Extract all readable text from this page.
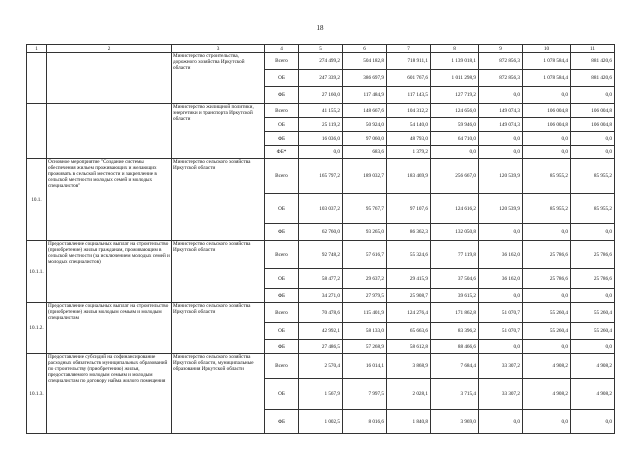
18
1	2	3	4	5	6	7	8	9	10	11
		Министерство строительства, дорожного хозяйства Иркутской области	Всего	274 499,2	504 182,8	718 911,1	1 139 018,1	872 856,3	1 078 584,4	881 420,6
			ОБ	247 339,2	386 697,9	601 767,6	1 011 298,9	872 856,3	1 078 584,4	881 420,6
			ФБ	27 160,0	117 484,9	117 143,5	127 719,2	0,0	0,0	0,0
		Министерство жилищной политики, энергетики и транспорта Иркутской области	Всего	41 155,2	148 667,6	104 312,2	124 656,0	149 074,3	106 004,8	106 004,8
			ОБ	25 119,2	50 924,0	54 140,0	59 946,0	149 074,3	106 004,8	106 004,8
			ФБ	16 036,0	97 060,0	48 793,0	64 710,0	0,0	0,0	0,0
			ФБ*	0,0	683,6	1 379,2	0,0	0,0	0,0	0,0
10.1.	Основное мероприятие "Создание системы обеспечения жильем проживающих и желающих проживать в сельской местности и закрепление в сельской местности молодых семей и молодых специалистов"	Министерство сельского хозяйства Иркутской области	Всего	165 797,2	189 032,7	183 469,9	256 667,0	120 539,9	85 955,2	85 955,2
			ОБ	103 037,2	95 767,7	97 107,6	124 616,2	120 539,9	85 955,2	85 955,2
			ФБ	62 760,0	93 265,0	86 362,3	132 050,8	0,0	0,0	0,0
10.1.1.	Предоставление социальных выплат на строительство (приобретение) жилья гражданам, проживающим в сельской местности (за исключением молодых семей и молодых специалистов)	Министерство сельского хозяйства Иркутской области	Всего	92 748,2	57 616,7	55 324,6	77 119,8	36 162,0	25 786,6	25 786,6
			ОБ	58 477,2	29 637,2	29 415,9	37 504,6	36 162,0	25 786,6	25 786,6
			ФБ	34 271,0	27 979,5	25 908,7	39 615,2	0,0	0,0	0,0
10.1.2.	Предоставление социальных выплат на строительство (приобретение) жилья молодым семьям и молодым специалистам	Министерство сельского хозяйства Иркутской области	Всего	70 478,6	115 401,9	124 276,4	171 862,8	51 070,7	55 260,4	55 260,4
			ОБ	42 992,1	58 133,0	65 663,6	83 396,2	51 070,7	55 260,4	55 260,4
			ФБ	27 486,5	57 268,9	58 612,8	88 466,6	0,0	0,0	0,0
10.1.3.	Предоставление субсидий на софинансирование расходных обязательств муниципальных образований по строительству (приобретению) жилья, предоставляемого молодым семьям и молодым специалистам по договору найма жилого помещения	Министерство сельского хозяйства Иркутской области, муниципальные образования Иркутской области	Всего	2 570,4	16 014,1	3 868,9	7 684,4	33 307,2	4 908,2	4 908,2
			ОБ	1 567,9	7 997,5	2 028,1	3 715,4	33 307,2	4 908,2	4 908,2
			ФБ	1 002,5	8 016,6	1 840,8	3 969,0	0,0	0,0	0,0
